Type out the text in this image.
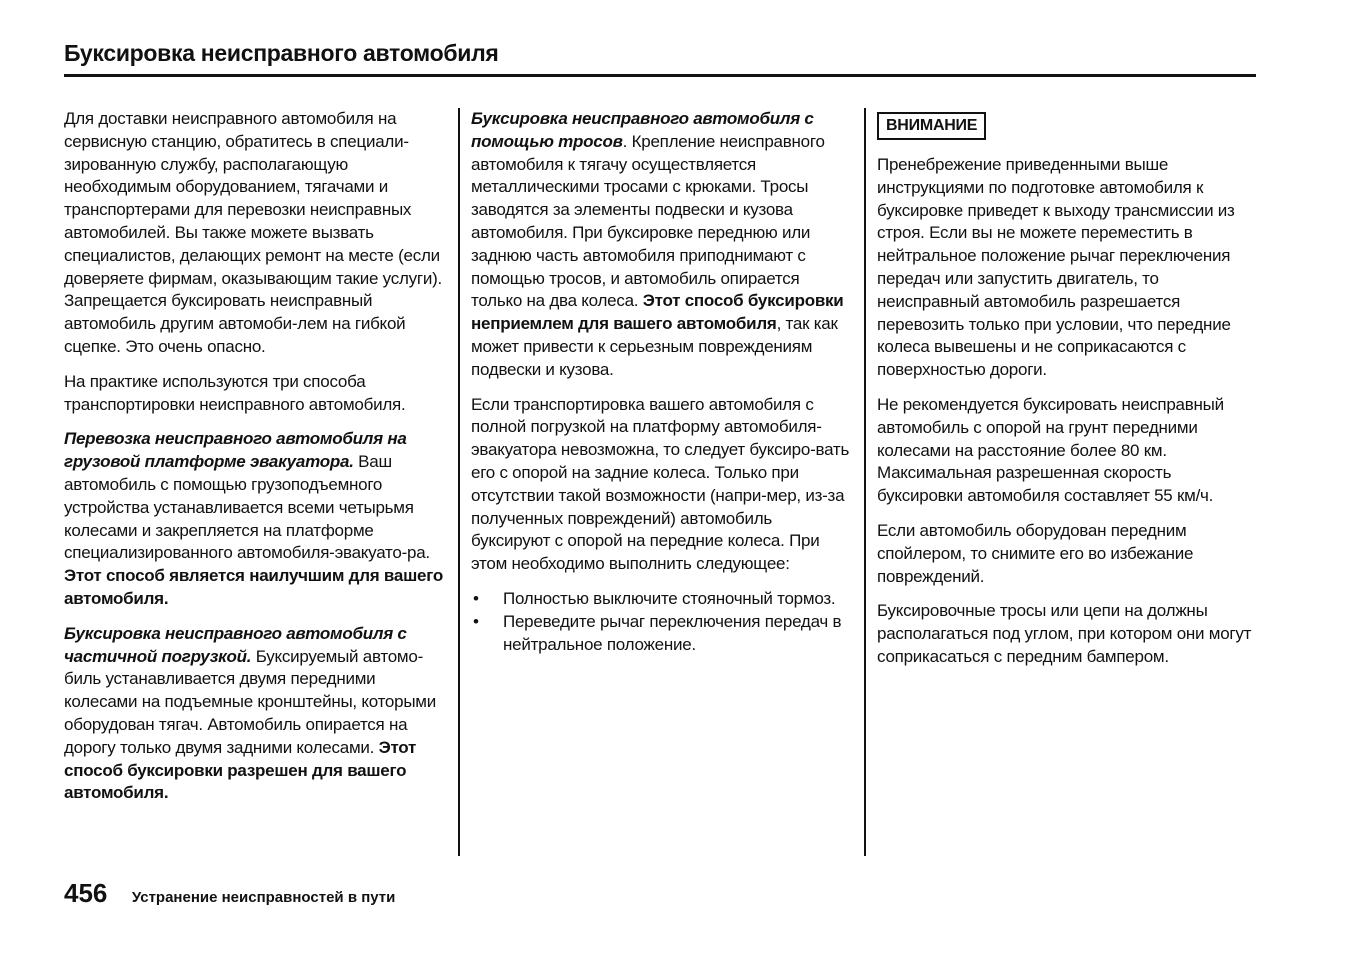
Буксировка неисправного автомобиля

Для доставки неисправного автомобиля на сервисную станцию, обратитесь в специали-зированную службу, располагающую необходимым оборудованием, тягачами и транспортерами для перевозки неисправных автомобилей. Вы также можете вызвать специалистов, делающих ремонт на месте (если доверяете фирмам, оказывающим такие услуги). Запрещается буксировать неисправный автомобиль другим автомоби-лем на гибкой сцепке. Это очень опасно.

На практике используются три способа транспортировки неисправного автомобиля.

Перевозка неисправного автомобиля на грузовой платформе эвакуатора. Ваш автомобиль с помощью грузоподъемного устройства устанавливается всеми четырьмя колесами и закрепляется на платформе специализированного автомобиля-эвакуато-ра. Этот способ является наилучшим для вашего автомобиля.

Буксировка неисправного автомобиля с частичной погрузкой. Буксируемый автомо-биль устанавливается двумя передними колесами на подъемные кронштейны, которыми оборудован тягач. Автомобиль опирается на дорогу только двумя задними колесами. Этот способ буксировки разрешен для вашего автомобиля.

Буксировка неисправного автомобиля с помощью тросов. Крепление неисправного автомобиля к тягачу осуществляется металлическими тросами с крюками. Тросы заводятся за элементы подвески и кузова автомобиля. При буксировке переднюю или заднюю часть автомобиля приподнимают с помощью тросов, и автомобиль опирается только на два колеса. Этот способ буксировки неприемлем для вашего автомобиля, так как может привести к серьезным повреждениям подвески и кузова.

Если транспортировка вашего автомобиля с полной погрузкой на платформу автомобиля-эвакуатора невозможна, то следует буксиро-вать его с опорой на задние колеса. Только при отсутствии такой возможности (напри-мер, из-за полученных повреждений) автомобиль буксируют с опорой на передние колеса. При этом необходимо выполнить следующее:

• Полностью выключите стояночный тормоз.
• Переведите рычаг переключения передач в нейтральное положение.
ВНИМАНИЕ

Пренебрежение приведенными выше инструкциями по подготовке автомобиля к буксировке приведет к выходу трансмиссии из строя. Если вы не можете переместить в нейтральное положение рычаг переключения передач или запустить двигатель, то неисправный автомобиль разрешается перевозить только при условии, что передние колеса вывешены и не соприкасаются с поверхностью дороги.

Не рекомендуется буксировать неисправный автомобиль с опорой на грунт передними колесами на расстояние более 80 км. Максимальная разрешенная скорость буксировки автомобиля составляет 55 км/ч.

Если автомобиль оборудован передним спойлером, то снимите его во избежание повреждений.

Буксировочные тросы или цепи на должны располагаться под углом, при котором они могут соприкасаться с передним бампером.

456 Устранение неисправностей в пути
